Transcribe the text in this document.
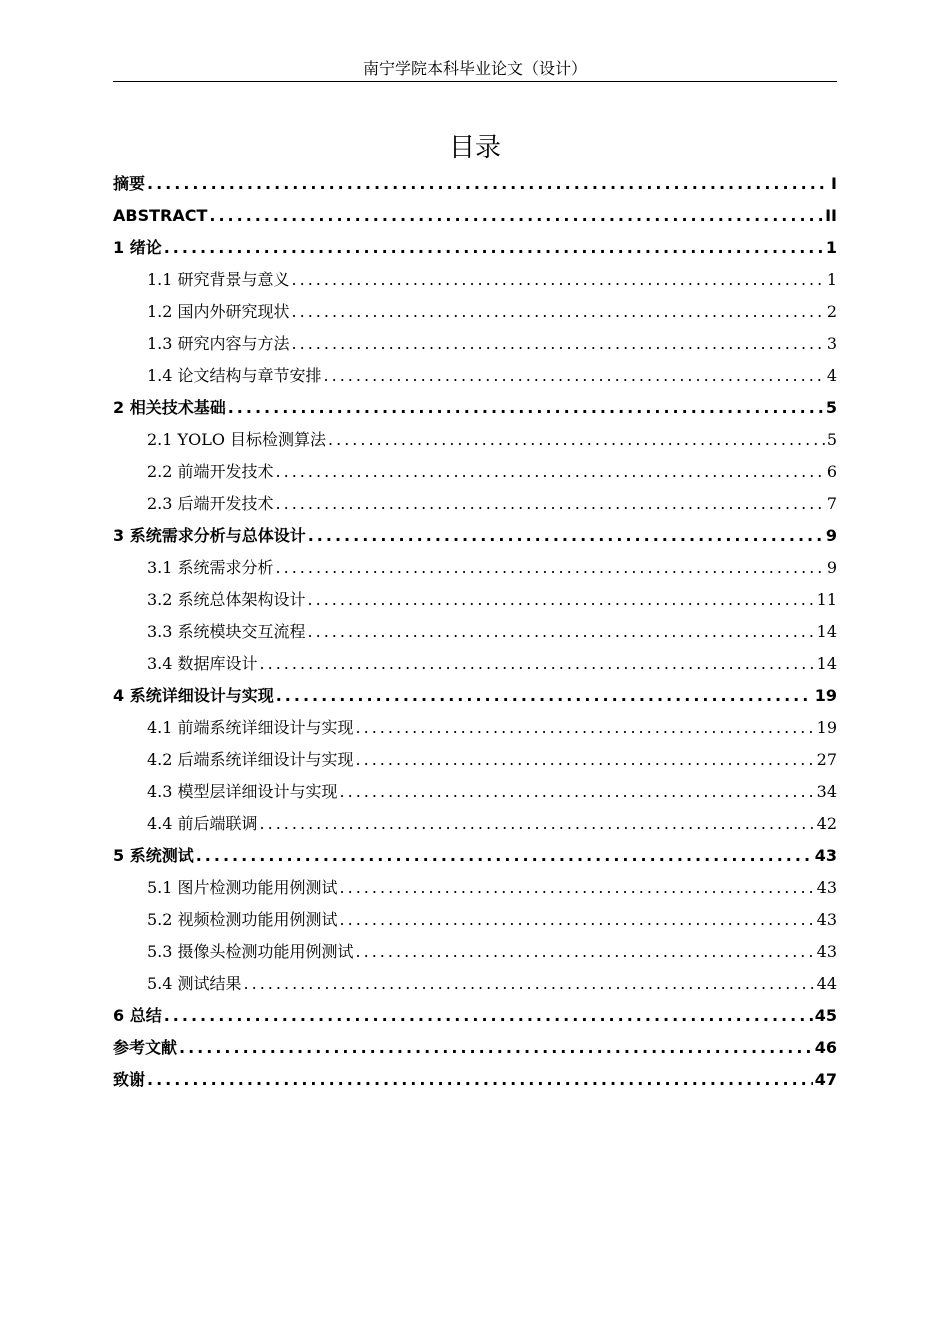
南宁学院本科毕业论文（设计）
目录
摘要 .....	I
ABSTRACT .....	II
1 绪论 .....	1
1.1 研究背景与意义 .....	1
1.2 国内外研究现状 .....	2
1.3 研究内容与方法 .....	3
1.4 论文结构与章节安排 .....	4
2 相关技术基础 .....	5
2.1 YOLO 目标检测算法 .....	5
2.2 前端开发技术 .....	6
2.3 后端开发技术 .....	7
3 系统需求分析与总体设计 .....	9
3.1 系统需求分析 .....	9
3.2 系统总体架构设计 .....	11
3.3 系统模块交互流程 .....	14
3.4 数据库设计 .....	14
4 系统详细设计与实现 .....	19
4.1 前端系统详细设计与实现 .....	19
4.2 后端系统详细设计与实现 .....	27
4.3 模型层详细设计与实现 .....	34
4.4 前后端联调 .....	42
5 系统测试 .....	43
5.1 图片检测功能用例测试 .....	43
5.2 视频检测功能用例测试 .....	43
5.3 摄像头检测功能用例测试 .....	43
5.4 测试结果 .....	44
6 总结 .....	45
参考文献 .....	46
致谢 .....	47
